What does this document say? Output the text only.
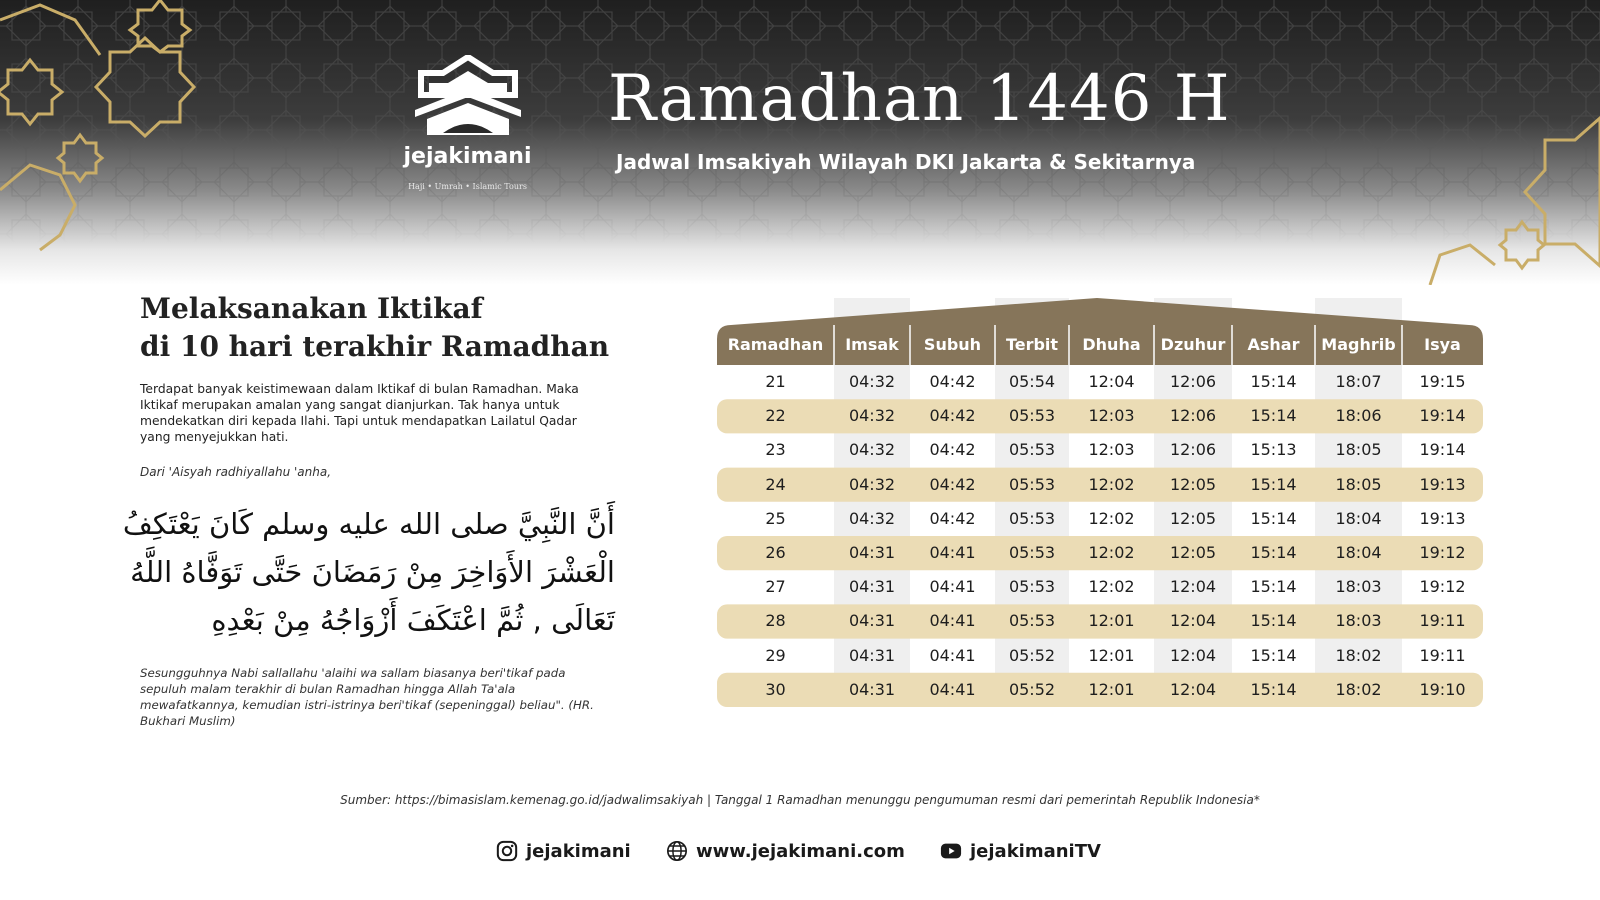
jejakimani
Haji • Umrah • Islamic Tours
Ramadhan 1446 H
Jadwal Imsakiyah Wilayah DKI Jakarta & Sekitarnya
Melaksanakan Iktikaf
di 10 hari terakhir Ramadhan
Terdapat banyak keistimewaan dalam Iktikaf di bulan Ramadhan. Maka Iktikaf merupakan amalan yang sangat dianjurkan. Tak hanya untuk mendekatkan diri kepada Ilahi. Tapi untuk mendapatkan Lailatul Qadar yang menyejukkan hati.
Dari 'Aisyah radhiyallahu 'anha,
أَنَّ النَّبِيَّ صلى الله عليه وسلم كَانَ يَعْتَكِفُ
الْعَشْرَ الأَوَاخِرَ مِنْ رَمَضَانَ حَتَّى تَوَفَّاهُ اللَّهُ
تَعَالَى , ثُمَّ اعْتَكَفَ أَزْوَاجُهُ مِنْ بَعْدِهِ
Sesungguhnya Nabi sallallahu 'alaihi wa sallam biasanya beri'tikaf pada sepuluh malam terakhir di bulan Ramadhan hingga Allah Ta'ala mewafatkannya, kemudian istri-istrinya beri'tikaf (sepeninggal) beliau". (HR. Bukhari Muslim)
Ramadhan	Imsak	Subuh	Terbit	Dhuha	Dzuhur	Ashar	Maghrib	Isya
21	04:32	04:42	05:54	12:04	12:06	15:14	18:07	19:15
22	04:32	04:42	05:53	12:03	12:06	15:14	18:06	19:14
23	04:32	04:42	05:53	12:03	12:06	15:13	18:05	19:14
24	04:32	04:42	05:53	12:02	12:05	15:14	18:05	19:13
25	04:32	04:42	05:53	12:02	12:05	15:14	18:04	19:13
26	04:31	04:41	05:53	12:02	12:05	15:14	18:04	19:12
27	04:31	04:41	05:53	12:02	12:04	15:14	18:03	19:12
28	04:31	04:41	05:53	12:01	12:04	15:14	18:03	19:11
29	04:31	04:41	05:52	12:01	12:04	15:14	18:02	19:11
30	04:31	04:41	05:52	12:01	12:04	15:14	18:02	19:10
Sumber: https://bimasislam.kemenag.go.id/jadwalimsakiyah | Tanggal 1 Ramadhan menunggu pengumuman resmi dari pemerintah Republik Indonesia*
jejakimani	www.jejakimani.com	jejakimaniTV
